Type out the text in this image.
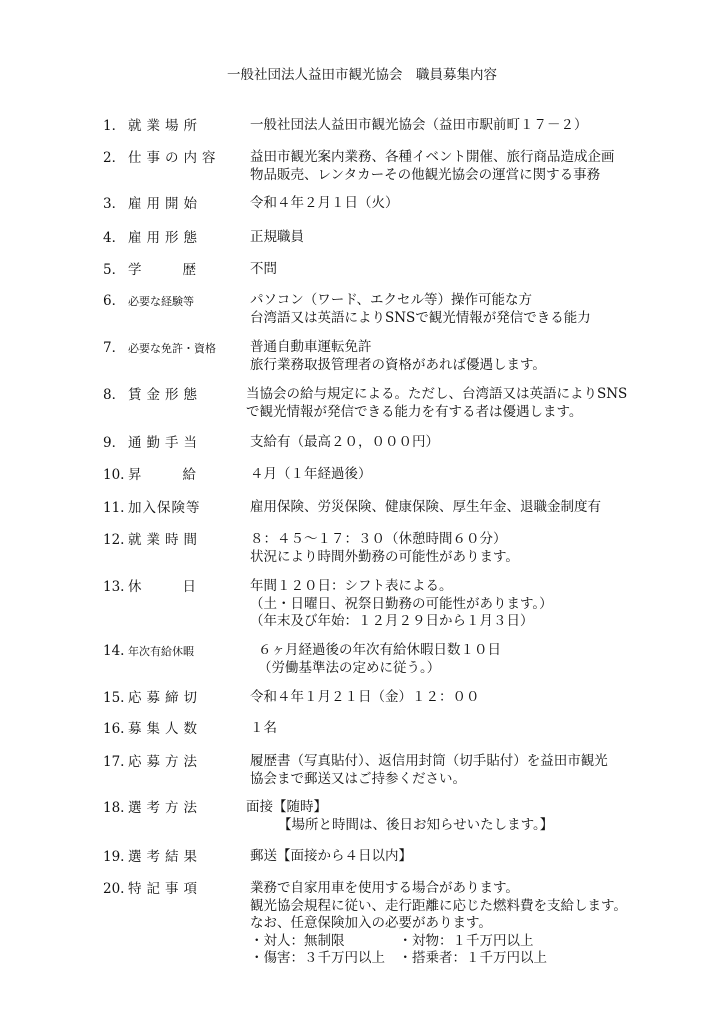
一般社団法人益田市観光協会　職員募集内容
1． 就業場所	一般社団法人益田市観光協会（益田市駅前町１７－２）
2． 仕事の内容 益田市観光案内業務、各種イベント開催、旅行商品造成企画
物品販売、レンタカーその他観光協会の運営に関する事務
3． 雇用開始	令和４年２月１日（火）
4． 雇用形態	正規職員
5． 学歴 不問
6． 必要な経験等	パソコン（ワード、エクセル等）操作可能な方
台湾語又は英語によりSNSで観光情報が発信できる能力
7． 必要な免許・資格	普通自動車運転免許
旅行業務取扱管理者の資格があれば優遇します。
8． 賃金形態	当協会の給与規定による。ただし、台湾語又は英語によりSNS
で観光情報が発信できる能力を有する者は優遇します。
9． 通勤手当	支給有（最高２０，０００円）
10. 昇給 ４月（１年経過後）
11. 加入保険等	雇用保険、労災保険、健康保険、厚生年金、退職金制度有
12. 就業時間	８：４５～１７：３０（休憩時間６０分）
状況により時間外勤務の可能性があります。
13. 休日 年間１２０日：シフト表による。
（土・日曜日、祝祭日勤務の可能性があります。）
（年末及び年始：１２月２９日から１月３日）
14. 年次有給休暇	６ヶ月経過後の年次有給休暇日数１０日
（労働基準法の定めに従う。）
15. 応募締切	令和４年１月２１日（金）１２：００
16. 募集人数	１名
17. 応募方法	履歴書（写真貼付）、返信用封筒（切手貼付）を益田市観光
協会まで郵送又はご持参ください。
18. 選考方法	面接【随時】
【場所と時間は、後日お知らせいたします。】
19. 選考結果	郵送【面接から４日以内】
20. 特記事項	業務で自家用車を使用する場合があります。
観光協会規程に従い、走行距離に応じた燃料費を支給します。
なお、任意保険加入の必要があります。
・対人：無制限　　　　・対物：１千万円以上
・傷害：３千万円以上　・搭乗者：１千万円以上
